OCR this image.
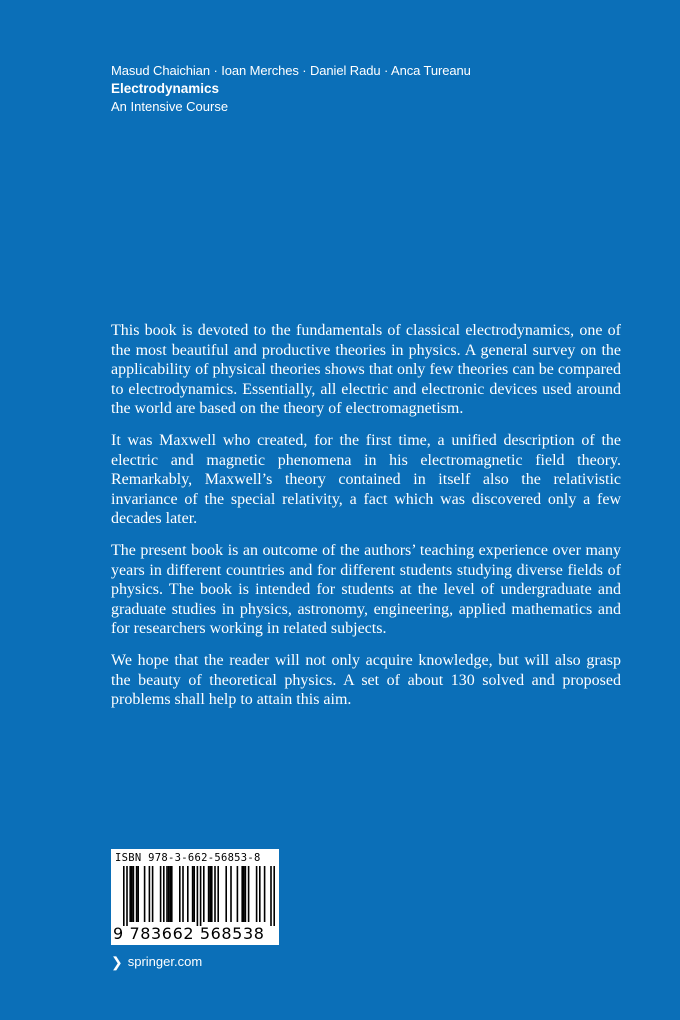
Masud Chaichian · Ioan Merches · Daniel Radu · Anca Tureanu
Electrodynamics
An Intensive Course

This book is devoted to the fundamentals of classical electrodynamics, one of the most beautiful and productive theories in physics. A general survey on the applicability of physical theories shows that only few theories can be compared to electrodynamics. Essentially, all electric and electronic devices used around the world are based on the theory of electromagnetism.

It was Maxwell who created, for the first time, a unified description of the electric and magnetic phenomena in his electromagnetic field theory. Remarkably, Maxwell’s theory contained in itself also the relativistic invariance of the special relativity, a fact which was discovered only a few decades later.

The present book is an outcome of the authors’ teaching experience over many years in different countries and for different students studying diverse fields of physics. The book is intended for students at the level of undergraduate and graduate studies in physics, astronomy, engineering, applied mathematics and for researchers working in related subjects.

We hope that the reader will not only acquire knowledge, but will also grasp the beauty of theoretical physics. A set of about 130 solved and proposed problems shall help to attain this aim.

ISBN 978-3-662-56853-8
9 783662 568538
❯ springer.com
